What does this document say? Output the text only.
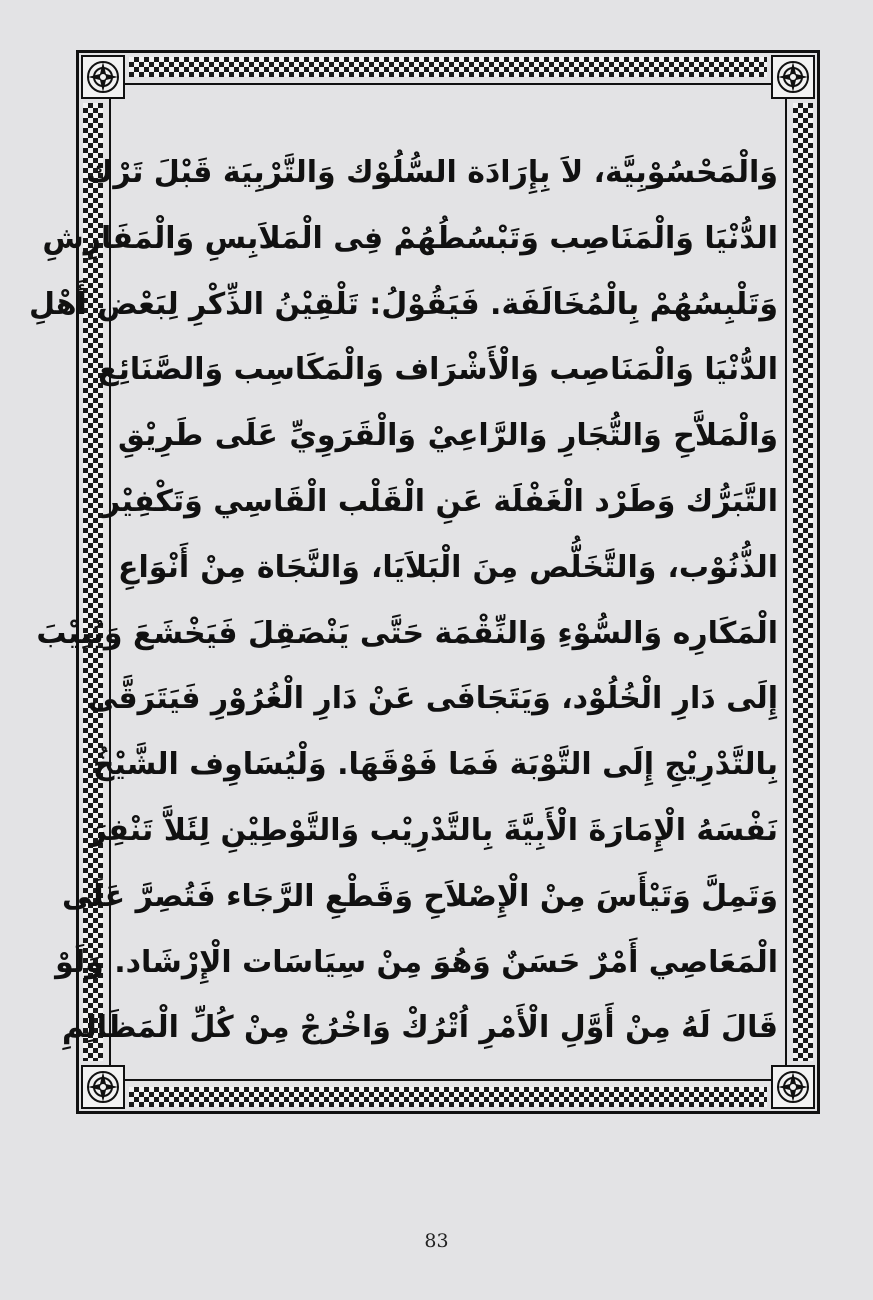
وَالْمَحْسُوْبِيَّة، لاَ بِإِرَادَة السُّلُوْك وَالتَّرْبِيَة قَبْلَ تَرْك
الدُّنْيَا وَالْمَنَاصِب وَتَبْسُطُهُمْ فِى الْمَلاَبِسِ وَالْمَفَارِشِ
وَتَلْبِسُهُمْ بِالْمُخَالَفَة. فَيَقُوْلُ: تَلْقِيْنُ الذِّكْرِ لِبَعْض أَهْلِ
الدُّنْيَا وَالْمَنَاصِب وَالْأَشْرَاف وَالْمَكَاسِب وَالصَّنَائِع
وَالْمَلاَّحِ وَالتُّجَارِ وَالرَّاعِيْ وَالْقَرَوِيِّ عَلَى طَرِيْقِ
التَّبَرُّك وَطَرْد الْغَفْلَة عَنِ الْقَلْب الْقَاسِي وَتَكْفِيْر
الذُّنُوْب، وَالتَّخَلُّص مِنَ الْبَلاَيَا، وَالنَّجَاة مِنْ أَنْوَاعِ
الْمَكَارِه وَالسُّوْءِ وَالنِّقْمَة حَتَّى يَنْصَقِلَ فَيَخْشَعَ وَيُنِيْبَ
إِلَى دَارِ الْخُلُوْد، وَيَتَجَافَى عَنْ دَارِ الْغُرُوْرِ فَيَتَرَقَّى
بِالتَّدْرِيْجِ إِلَى التَّوْبَة فَمَا فَوْقَهَا. وَلْيُسَاوِف الشَّيْخُ
نَفْسَهُ الْإِمَارَةَ الْأَبِيَّةَ بِالتَّدْرِيْب وَالتَّوْطِيْنِ لِئَلاَّ تَنْفِرَ
وَتَمِلَّ وَتَيْأَسَ مِنْ الْإِصْلاَحِ وَقَطْعِ الرَّجَاء فَتُصِرَّ عَلَى
الْمَعَاصِي أَمْرٌ حَسَنٌ وَهُوَ مِنْ سِيَاسَات الْإِرْشَاد. وَلَوْ
قَالَ لَهُ مِنْ أَوَّلِ الْأَمْرِ اُتْرُكْ وَاخْرُجْ مِنْ كُلِّ الْمَظَالِمِ
83
